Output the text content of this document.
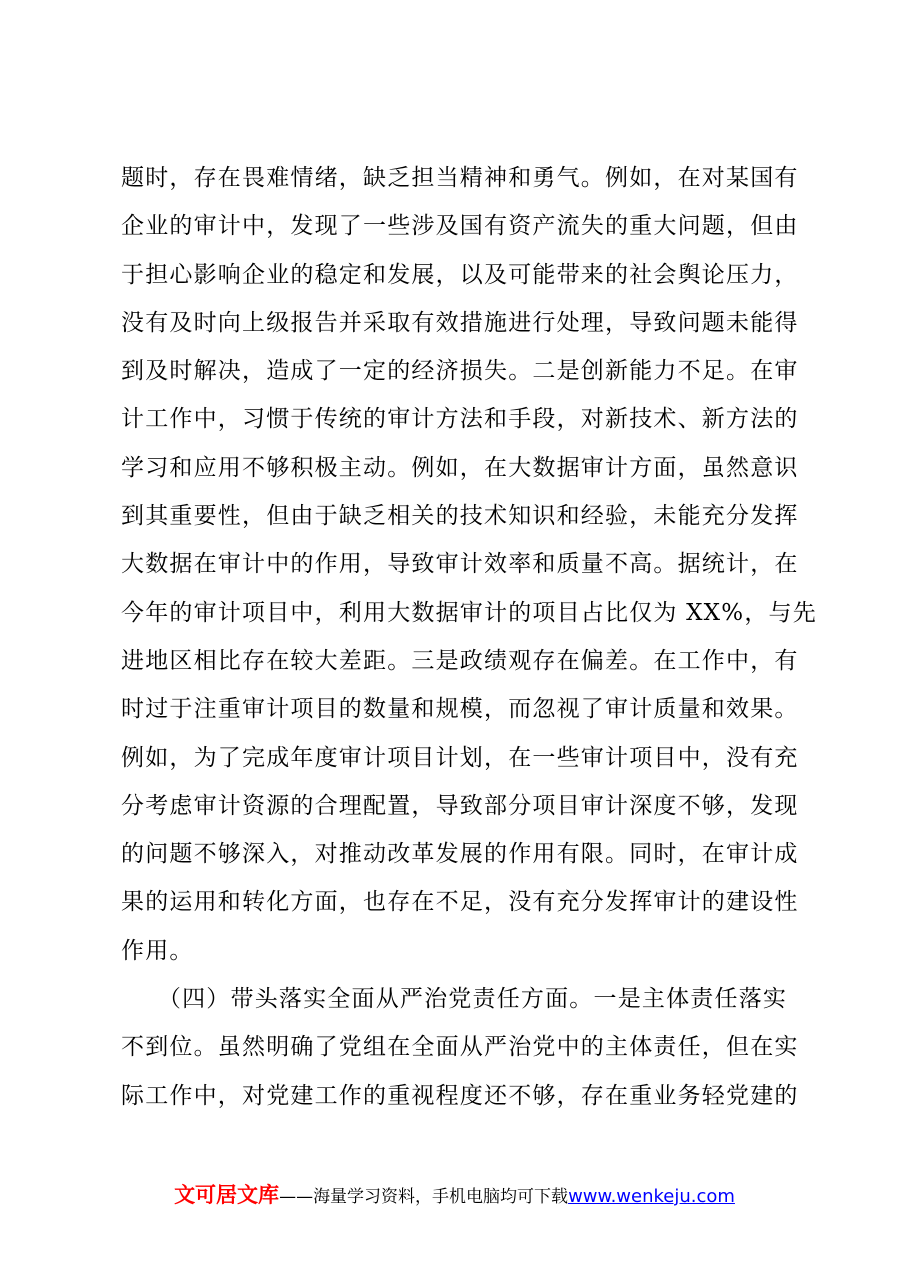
题时，存在畏难情绪，缺乏担当精神和勇气。例如，在对某国有
企业的审计中，发现了一些涉及国有资产流失的重大问题，但由
于担心影响企业的稳定和发展，以及可能带来的社会舆论压力，
没有及时向上级报告并采取有效措施进行处理，导致问题未能得
到及时解决，造成了一定的经济损失。二是创新能力不足。在审
计工作中，习惯于传统的审计方法和手段，对新技术、新方法的
学习和应用不够积极主动。例如，在大数据审计方面，虽然意识
到其重要性，但由于缺乏相关的技术知识和经验，未能充分发挥
大数据在审计中的作用，导致审计效率和质量不高。据统计，在
今年的审计项目中，利用大数据审计的项目占比仅为 XX%，与先
进地区相比存在较大差距。三是政绩观存在偏差。在工作中，有
时过于注重审计项目的数量和规模，而忽视了审计质量和效果。
例如，为了完成年度审计项目计划，在一些审计项目中，没有充
分考虑审计资源的合理配置，导致部分项目审计深度不够，发现
的问题不够深入，对推动改革发展的作用有限。同时，在审计成
果的运用和转化方面，也存在不足，没有充分发挥审计的建设性
作用。
　　（四）带头落实全面从严治党责任方面。一是主体责任落实
不到位。虽然明确了党组在全面从严治党中的主体责任，但在实
际工作中，对党建工作的重视程度还不够，存在重业务轻党建的
文可居文库——海量学习资料，手机电脑均可下载www.wenkeju.com
